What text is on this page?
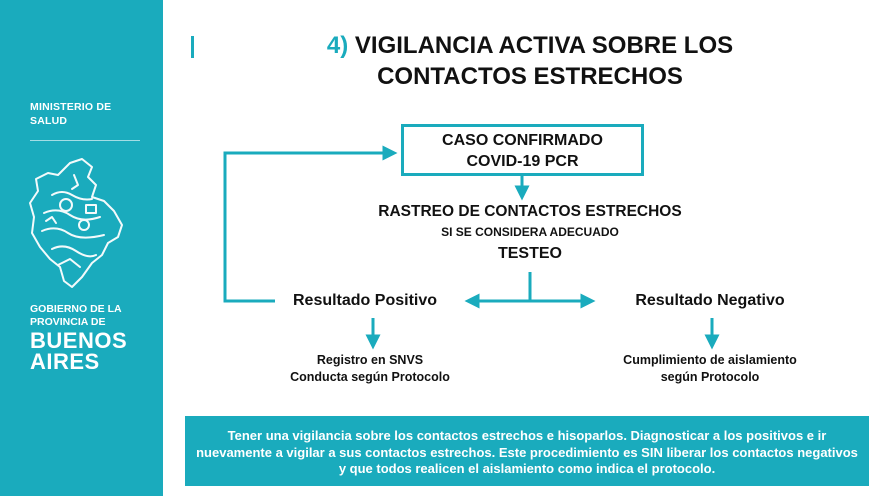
MINISTERIO DE SALUD
GOBIERNO DE LA PROVINCIA DE
BUENOS AIRES
4) VIGILANCIA ACTIVA SOBRE LOS CONTACTOS ESTRECHOS
CASO CONFIRMADO
COVID-19 PCR
RASTREO DE CONTACTOS ESTRECHOS
SI SE CONSIDERA ADECUADO
TESTEO
Resultado Positivo	Resultado Negativo
Registro en SNVS
Conducta según Protocolo
Cumplimiento de aislamiento
según Protocolo
Tener una vigilancia sobre los contactos estrechos e hisoparlos. Diagnosticar a los positivos e ir nuevamente a vigilar a sus contactos estrechos. Este procedimiento es SIN liberar los contactos negativos y que todos realicen el aislamiento como indica el protocolo.
